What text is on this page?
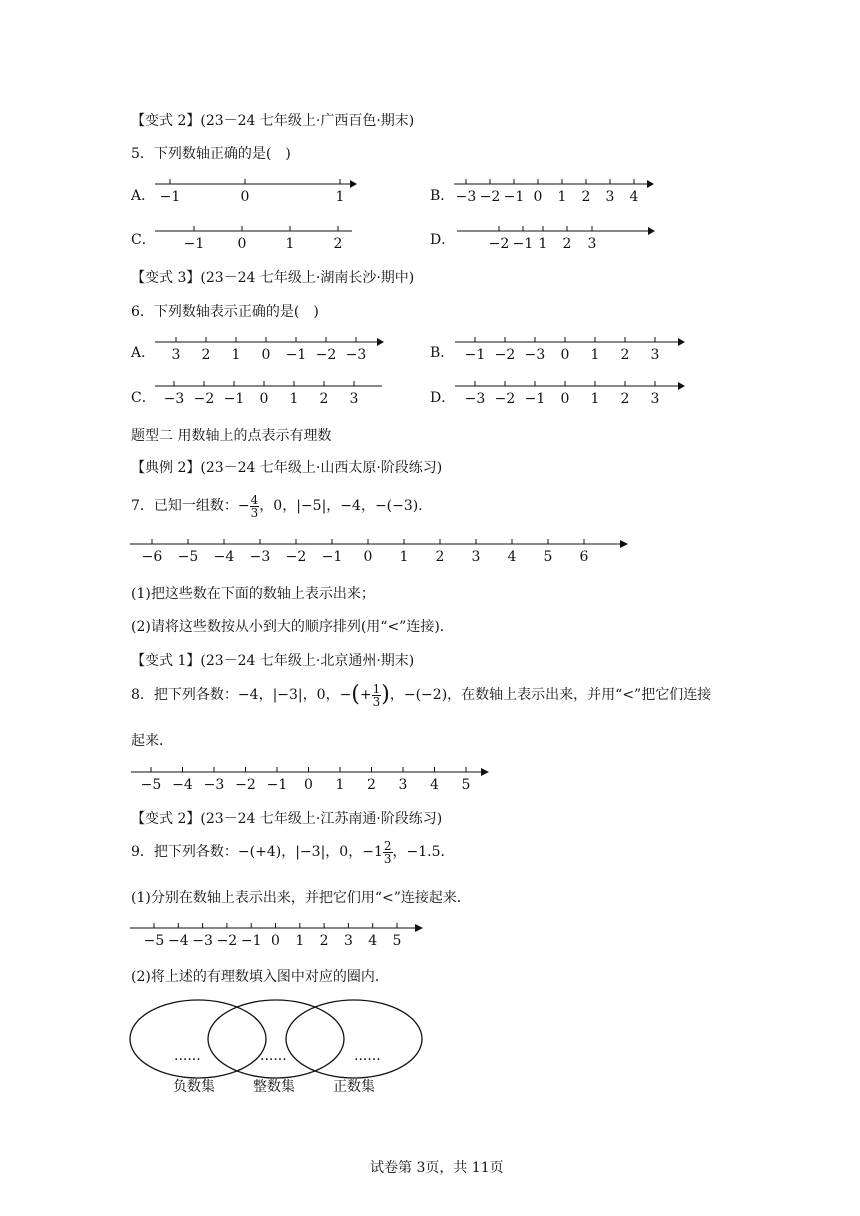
【变式 2】(23－24 七年级上·广西百色·期末)
5．下列数轴正确的是(　)
A．	B．
C．	D．
−1	0	1	−3 −2 −1 0 1 2 3 4
−1 0	1	2	−2 −1 1 2 3
【变式 3】(23－24 七年级上·湖南长沙·期中)
6．下列数轴表示正确的是(　)
A．	B．
C．	D．
3 2 1 0 −1 −2 −3	−1 −2 −3 0 1 2 3
−3 −2 −1 0 1 2 3	−3 −2 −1 0 1 2 3
题型二 用数轴上的点表示有理数
【典例 2】(23－24 七年级上·山西太原·阶段练习)
7．已知一组数：− $\frac{4}{3}$ ，0，|−5|，−4，−(−3)．
−6 −5 −4 −3 −2 −1 0 1 2 3 4 5 6
(1)把这些数在下面的数轴上表示出来；
(2)请将这些数按从小到大的顺序排列(用“<”连接)．
【变式 1】(23－24 七年级上·北京通州·期末)
8．把下列各数：−4，|−3|，0，−(+ $\frac{1}{3}$ )，−(−2)，在数轴上表示出来，并用“<”把它们连接
起来．
−5 −4 −3 −2 −1 0 1 2 3 4 5
【变式 2】(23－24 七年级上·江苏南通·阶段练习)
9．把下列各数：−(+4)，|−3|，0，$-1 \frac{2}{3}$ ，−1.5．
(1)分别在数轴上表示出来，并把它们用“<”连接起来．
−5 −4 −3 −2 −1 0 1 2 3 4 5
(2)将上述的有理数填入图中对应的圈内．
......	......	......
负数集	整数集	正数集
试卷第 3页，共 11页
